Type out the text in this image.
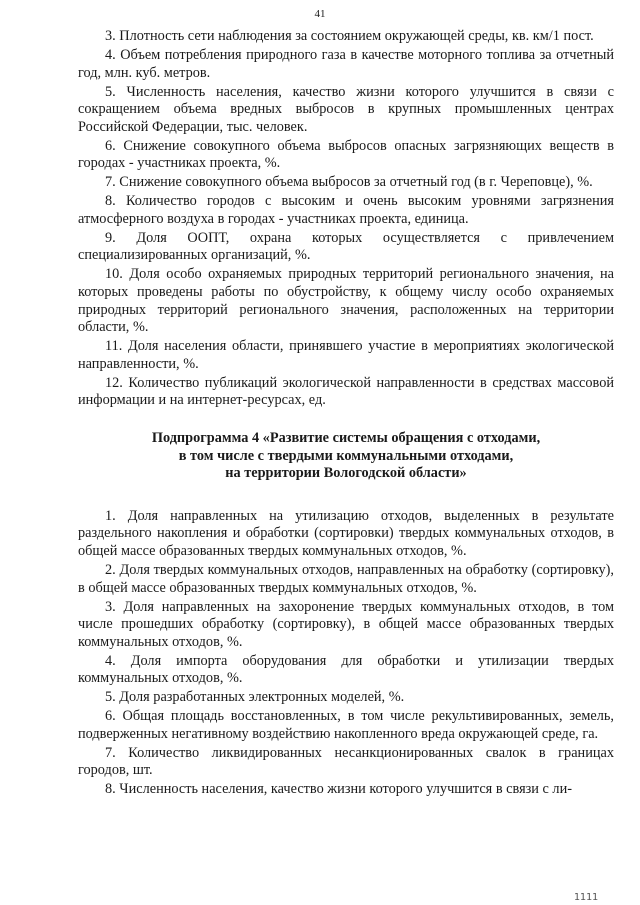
41

3. Плотность сети наблюдения за состоянием окружающей среды, кв. км/1 пост.

4. Объем потребления природного газа в качестве моторного топлива за отчетный год, млн. куб. метров.

5. Численность населения, качество жизни которого улучшится в связи с сокращением объема вредных выбросов в крупных промышленных центрах Российской Федерации, тыс. человек.

6. Снижение совокупного объема выбросов опасных загрязняющих веществ в городах - участниках проекта, %.

7. Снижение совокупного объема выбросов за отчетный год (в г. Череповце), %.

8. Количество городов с высоким и очень высоким уровнями загрязнения атмосферного воздуха в городах - участниках проекта, единица.

9. Доля ООПТ, охрана которых осуществляется с привлечением специализированных организаций, %.

10. Доля особо охраняемых природных территорий регионального значения, на которых проведены работы по обустройству, к общему числу особо охраняемых природных территорий регионального значения, расположенных на территории области, %.

11. Доля населения области, принявшего участие в мероприятиях экологической направленности, %.

12. Количество публикаций экологической направленности в средствах массовой информации и на интернет-ресурсах, ед.

Подпрограмма 4 «Развитие системы обращения с отходами,
в том числе с твердыми коммунальными отходами,
на территории Вологодской области»

1. Доля направленных на утилизацию отходов, выделенных в результате раздельного накопления и обработки (сортировки) твердых коммунальных отходов, в общей массе образованных твердых коммунальных отходов, %.

2. Доля твердых коммунальных отходов, направленных на обработку (сортировку), в общей массе образованных твердых коммунальных отходов, %.

3. Доля направленных на захоронение твердых коммунальных отходов, в том числе прошедших обработку (сортировку), в общей массе образованных твердых коммунальных отходов, %.

4. Доля импорта оборудования для обработки и утилизации твердых коммунальных отходов, %.

5. Доля разработанных электронных моделей, %.

6. Общая площадь восстановленных, в том числе рекультивированных, земель, подверженных негативному воздействию накопленного вреда окружающей среде, га.

7. Количество ликвидированных несанкционированных свалок в границах городов, шт.

8. Численность населения, качество жизни которого улучшится в связи с ли-

1111
